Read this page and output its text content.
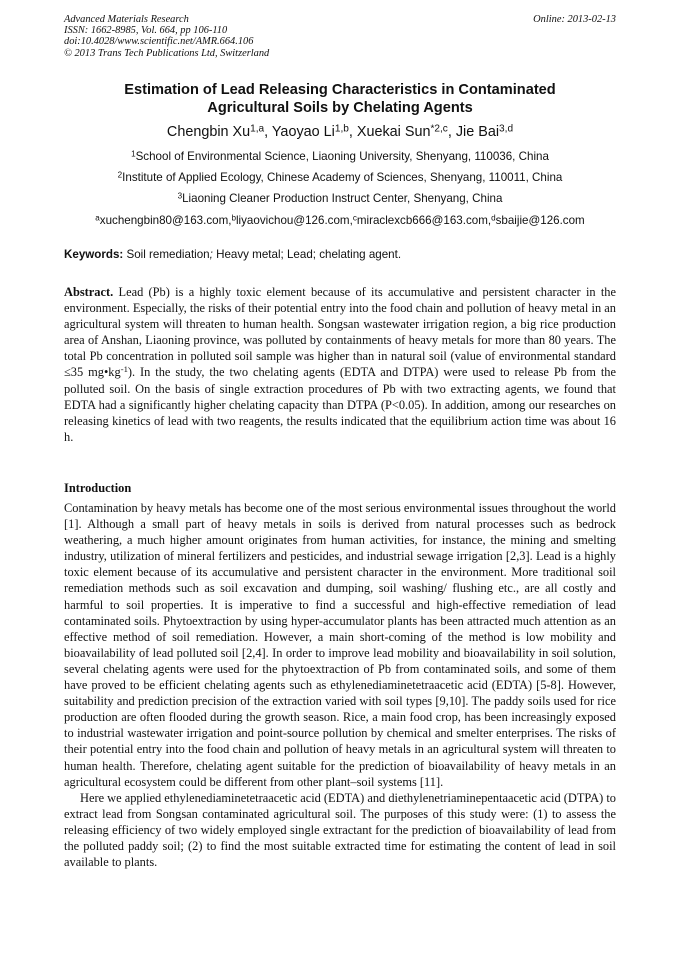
Advanced Materials Research
ISSN: 1662-8985, Vol. 664, pp 106-110
doi:10.4028/www.scientific.net/AMR.664.106
© 2013 Trans Tech Publications Ltd, Switzerland
Online: 2013-02-13
Estimation of Lead Releasing Characteristics in Contaminated
Agricultural Soils by Chelating Agents
Chengbin Xu$^{1,a}$, Yaoyao Li$^{1,b}$, Xuekai Sun$^{*2,c}$, Jie Bai$^{3,d}$
$^1$School of Environmental Science, Liaoning University, Shenyang, 110036, China
$^2$Institute of Applied Ecology, Chinese Academy of Sciences, Shenyang, 110011, China
$^3$Liaoning Cleaner Production Instruct Center, Shenyang, China
$^a$xuchengbin80@163.com,$^b$liyaovichou@126.com,$^c$miraclexcb666@163.com,$^d$sbaijie@126.com
Keywords: Soil remediation; Heavy metal; Lead; chelating agent.
Abstract. Lead (Pb) is a highly toxic element because of its accumulative and persistent character in the environment. Especially, the risks of their potential entry into the food chain and pollution of heavy metal in an agricultural system will threaten to human health. Songsan wastewater irrigation region, a big rice production area of Anshan, Liaoning province, was polluted by containments of heavy metals for more than 80 years. The total Pb concentration in polluted soil sample was higher than in natural soil (value of environmental standard ≤35 $mg•kg^{-1}$). In the study, the two chelating agents (EDTA and DTPA) were used to release Pb from the polluted soil. On the basis of single extraction procedures of Pb with two extracting agents, we found that EDTA had a significantly higher chelating capacity than DTPA (P<0.05). In addition, among our researches on releasing kinetics of lead with two reagents, the results indicated that the equilibrium action time was about 16 h.
Introduction
Contamination by heavy metals has become one of the most serious environmental issues throughout the world [1]. Although a small part of heavy metals in soils is derived from natural processes such as bedrock weathering, a much higher amount originates from human activities, for instance, the mining and smelting industry, utilization of mineral fertilizers and pesticides, and industrial sewage irrigation [2,3]. Lead is a highly toxic element because of its accumulative and persistent character in the environment. More traditional soil remediation methods such as soil excavation and dumping, soil washing/ flushing etc., are all costly and harmful to soil properties. It is imperative to find a successful and high-effective remediation of lead contaminated soils. Phytoextraction by using hyper-accumulator plants has been attracted much attention as an effective method of soil remediation. However, a main short-coming of the method is low mobility and bioavailability of lead polluted soil [2,4]. In order to improve lead mobility and bioavailability in soil solution, several chelating agents were used for the phytoextraction of Pb from contaminated soils, and some of them have proved to be efficient chelating agents such as ethylenediaminetetraacetic acid (EDTA) [5-8]. However, suitability and prediction precision of the extraction varied with soil types [9,10]. The paddy soils used for rice production are often flooded during the growth season. Rice, a main food crop, has been increasingly exposed to industrial wastewater irrigation and point-source pollution by chemical and smelter enterprises. The risks of their potential entry into the food chain and pollution of heavy metals in an agricultural system will threaten to human health. Therefore, chelating agent suitable for the prediction of bioavailability of heavy metals in an agricultural ecosystem could be different from other plant–soil systems [11].
Here we applied ethylenediaminetetraacetic acid (EDTA) and diethylenetriaminepentaacetic acid (DTPA) to extract lead from Songsan contaminated agricultural soil. The purposes of this study were: (1) to assess the releasing efficiency of two widely employed single extractant for the prediction of bioavailability of lead from the polluted paddy soil; (2) to find the most suitable extracted time for estimating the content of lead in soil available to plants.
